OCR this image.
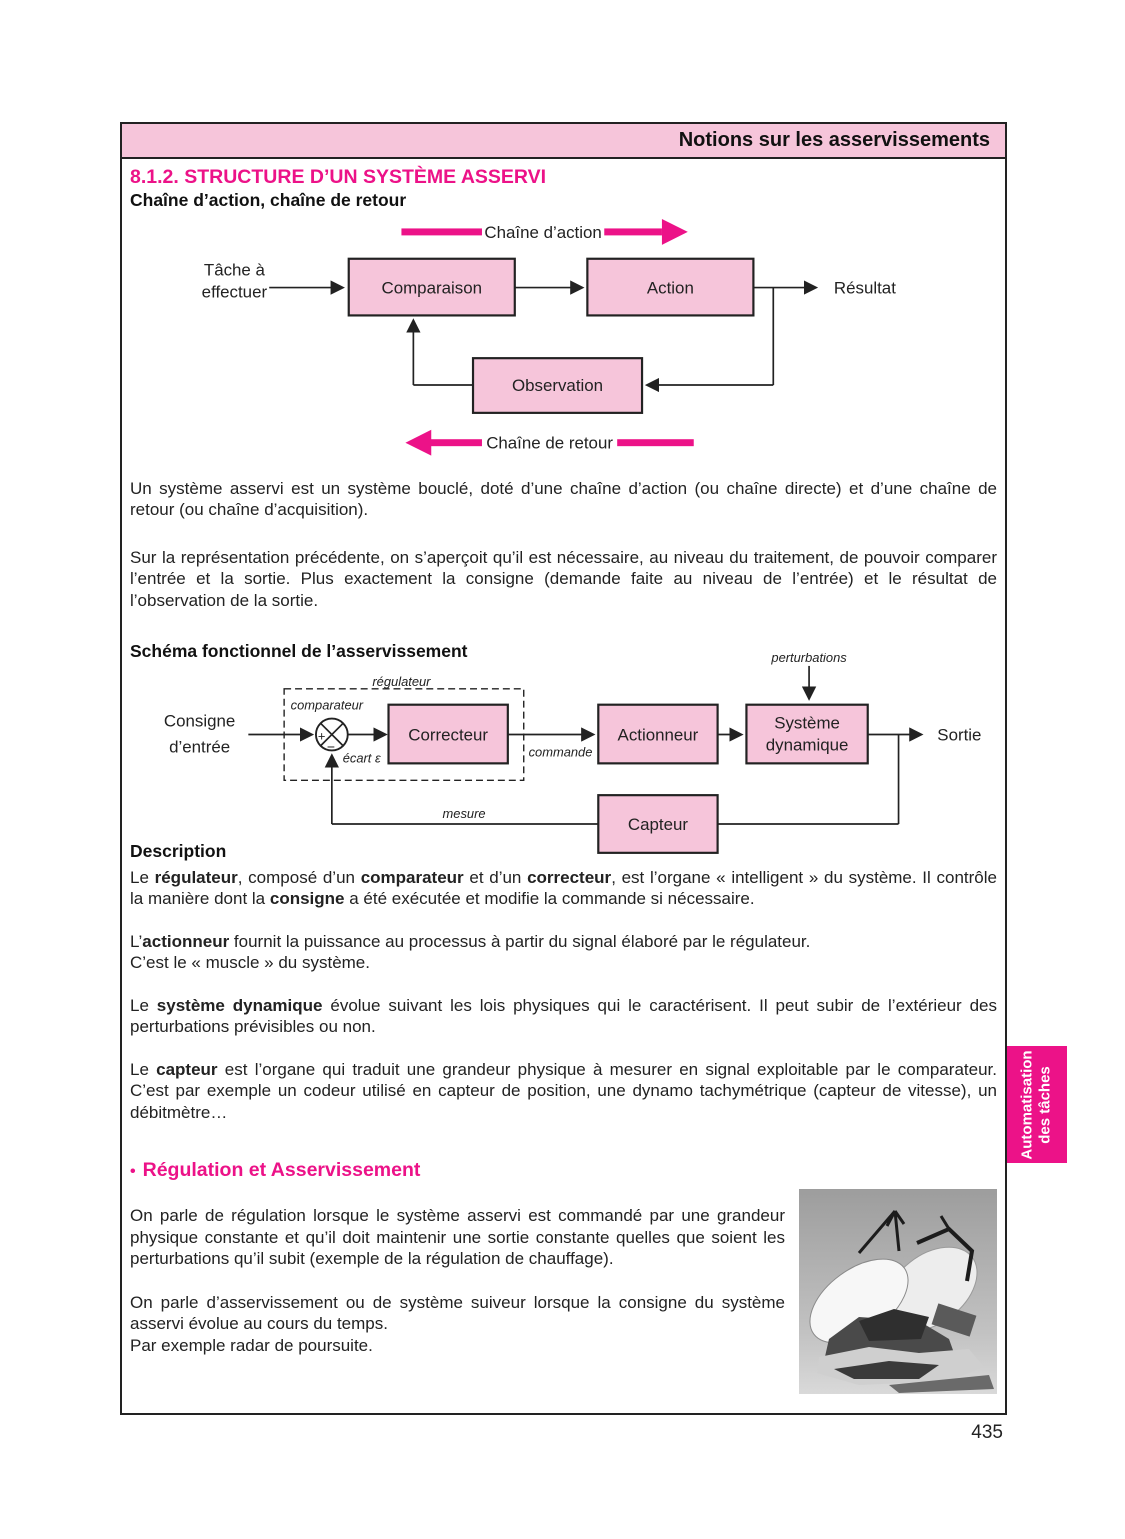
Notions sur les asservissements
8.1.2. STRUCTURE D’UN SYSTÈME ASSERVI
Chaîne d’action, chaîne de retour
Chaîne d’action
Tâche à
effectuer	Comparaison	Action	Résultat
Observation
Chaîne de retour

Un système asservi est un système bouclé, doté d’une chaîne d’action (ou chaîne directe) et d’une chaîne de retour (ou chaîne d’acquisition).

Sur la représentation précédente, on s’aperçoit qu’il est nécessaire, au niveau du traitement, de pouvoir comparer l’entrée et la sortie. Plus exactement la consigne (demande faite au niveau de l’entrée) et le résultat de l’observation de la sortie.

Schéma fonctionnel de l’asservissement	perturbations
régulateur
comparateur
Consigne
d’entrée
+
−
écart ε
Correcteur
commande
Actionneur
Système
dynamique
Sortie
Capteur
mesure
Description

Le régulateur, composé d’un comparateur et d’un correcteur, est l’organe « intelligent » du système. Il contrôle la manière dont la consigne a été exécutée et modifie la commande si nécessaire.

L’actionneur fournit la puissance au processus à partir du signal élaboré par le régulateur.

C’est le « muscle » du système.

Le système dynamique évolue suivant les lois physiques qui le caractérisent. Il peut subir de l’extérieur des perturbations prévisibles ou non.

Le capteur est l’organe qui traduit une grandeur physique à mesurer en signal exploitable par le comparateur. C’est par exemple un codeur utilisé en capteur de position, une dynamo tachymétrique (capteur de vitesse), un débitmètre…

• Régulation et Asservissement

On parle de régulation lorsque le système asservi est commandé par une grandeur physique constante et qu’il doit maintenir une sortie constante quelles que soient les perturbations qu’il subit (exemple de la régulation de chauffage).

On parle d’asservissement ou de système suiveur lorsque la consigne du système asservi évolue au cours du temps.

Par exemple radar de poursuite.

Automatisation des tâches
435
